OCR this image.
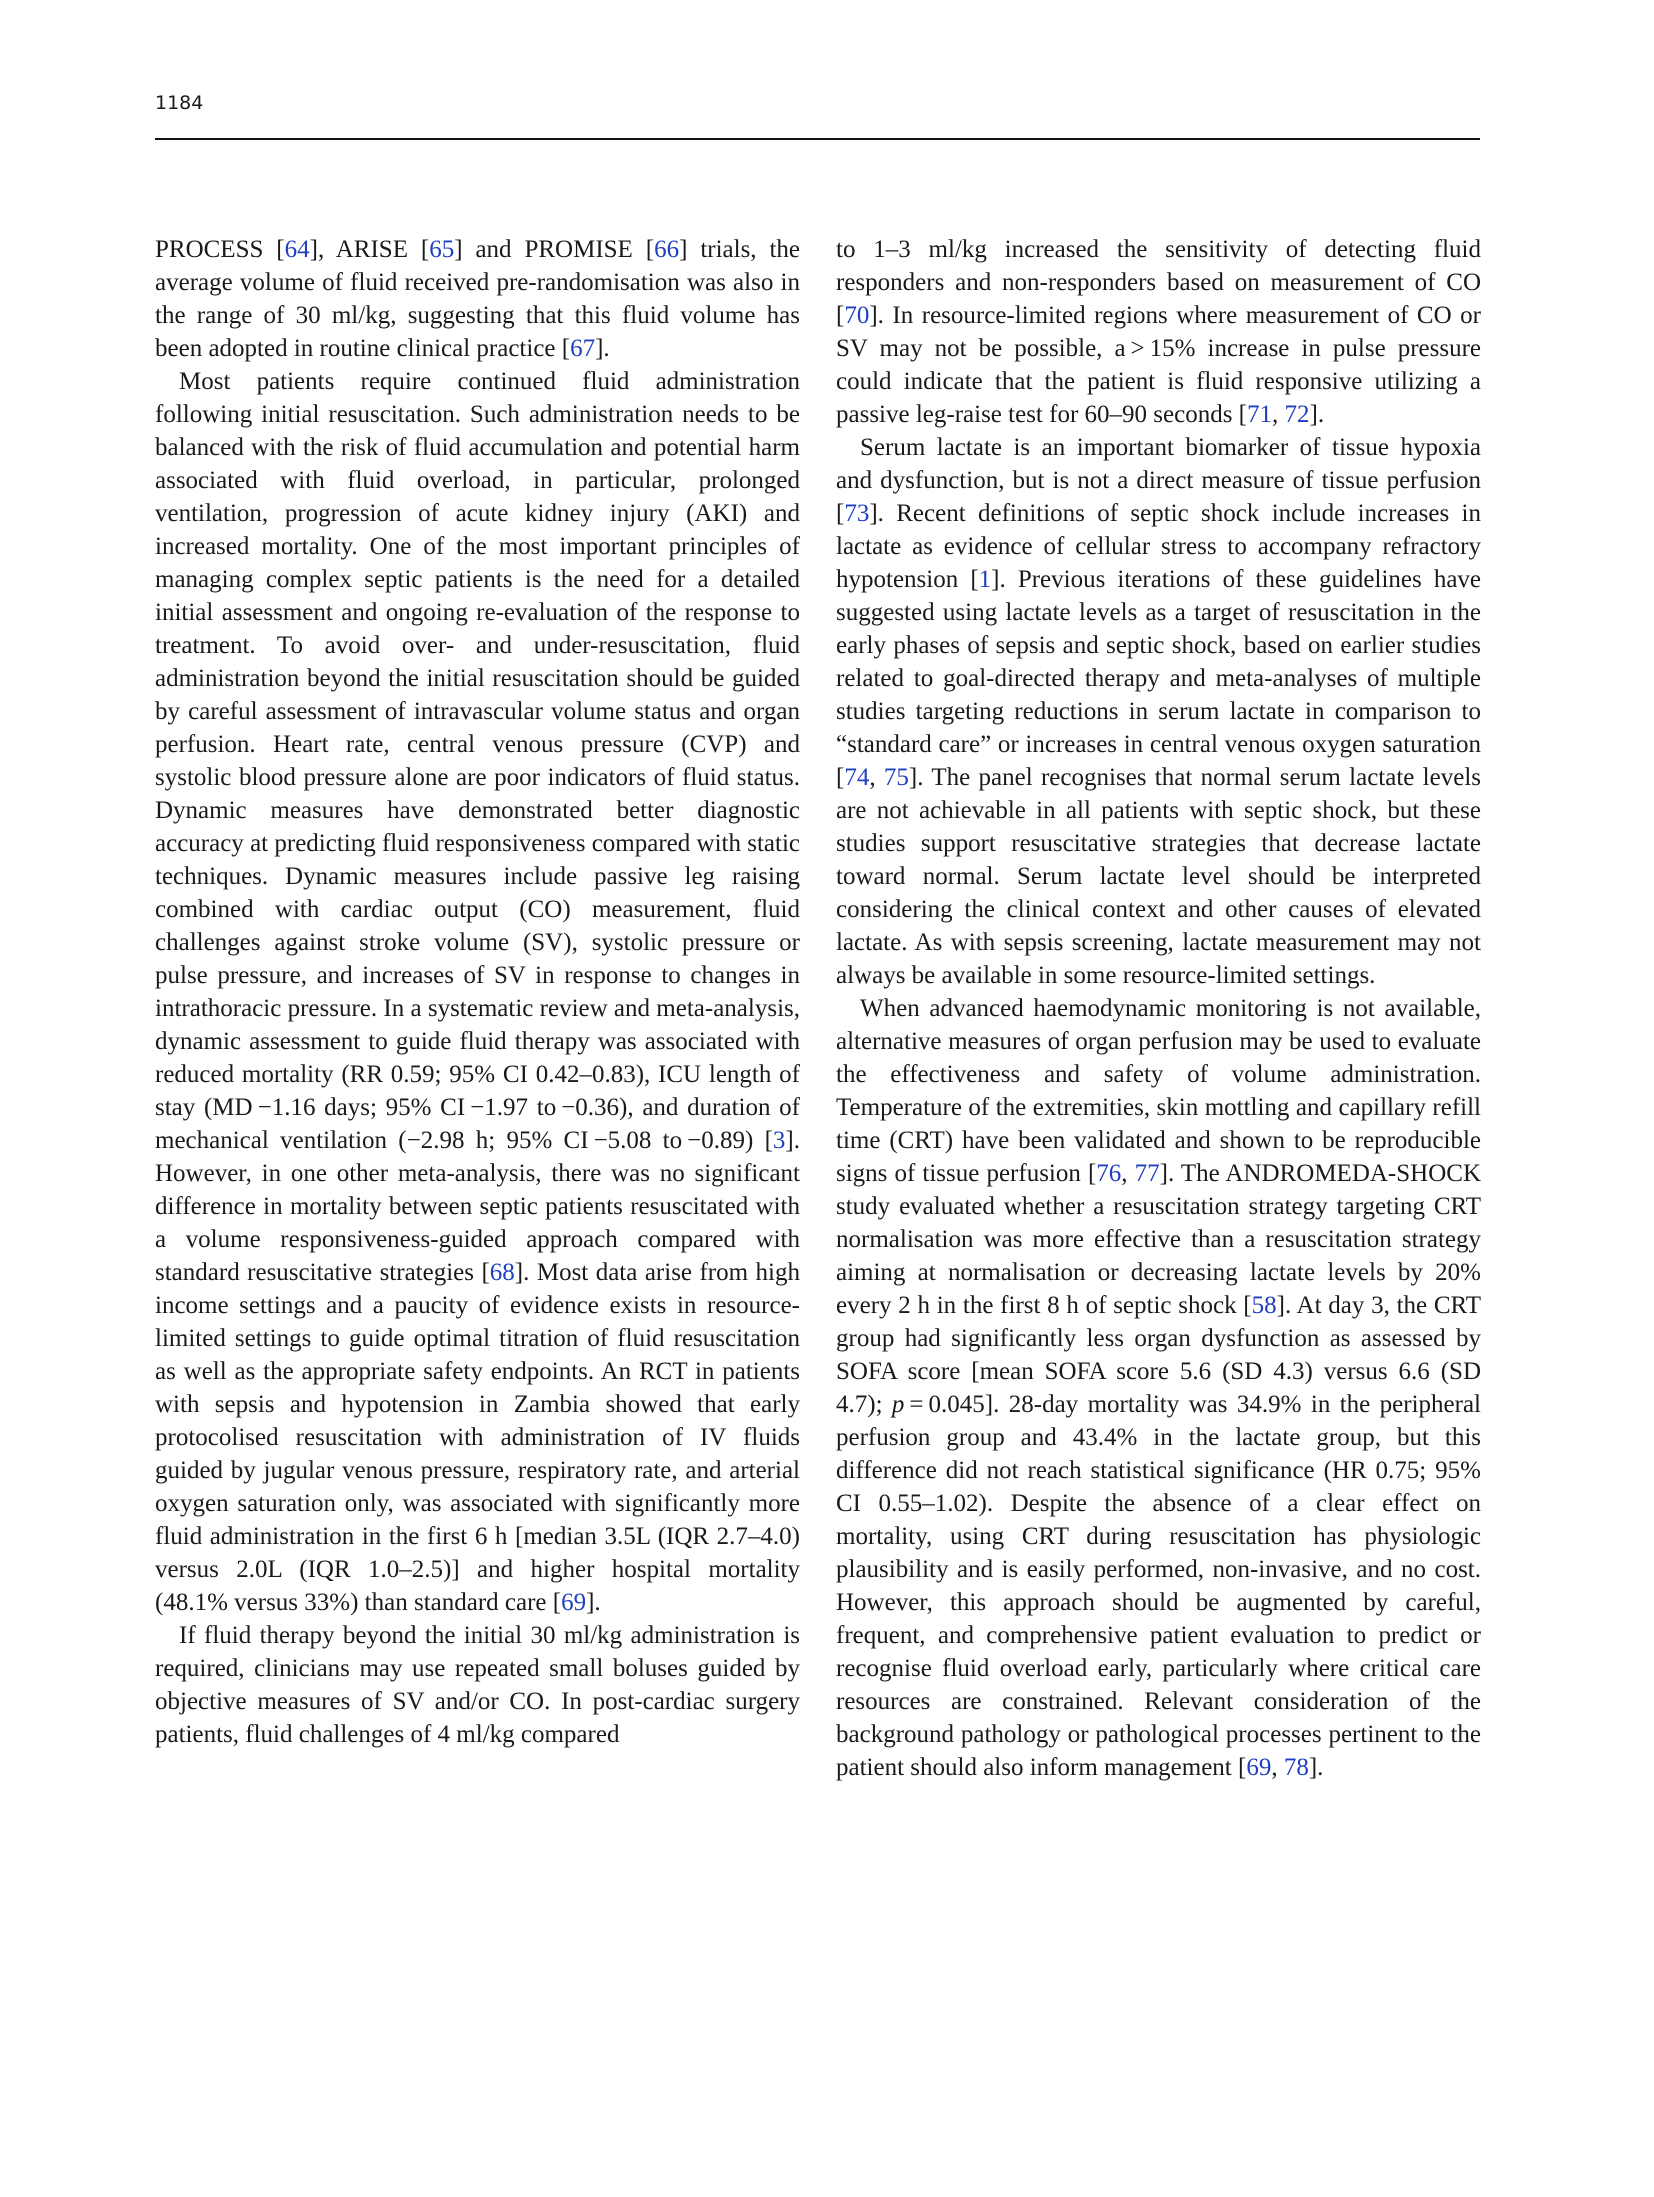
1184

PROCESS [64], ARISE [65] and PROMISE [66] trials, the average volume of fluid received pre-randomisation was also in the range of 30 ml/kg, suggesting that this fluid volume has been adopted in routine clinical practice [67].

Most patients require continued fluid administration following initial resuscitation. Such administration needs to be balanced with the risk of fluid accumulation and potential harm associated with fluid overload, in particular, prolonged ventilation, progression of acute kidney injury (AKI) and increased mortality. One of the most important principles of managing complex septic patients is the need for a detailed initial assessment and ongoing re-evaluation of the response to treatment. To avoid over- and under-resuscitation, fluid administration beyond the initial resuscitation should be guided by careful assessment of intravascular volume status and organ perfusion. Heart rate, central venous pressure (CVP) and systolic blood pressure alone are poor indicators of fluid status. Dynamic measures have demonstrated better diagnostic accuracy at predicting fluid responsiveness compared with static techniques. Dynamic measures include passive leg raising combined with cardiac output (CO) measurement, fluid challenges against stroke volume (SV), systolic pressure or pulse pressure, and increases of SV in response to changes in intrathoracic pressure. In a systematic review and meta-analysis, dynamic assessment to guide fluid therapy was associated with reduced mortality (RR 0.59; 95% CI 0.42–0.83), ICU length of stay (MD −1.16 days; 95% CI −1.97 to −0.36), and duration of mechanical ventilation (−2.98 h; 95% CI −5.08 to −0.89) [3]. However, in one other meta-analysis, there was no significant difference in mortality between septic patients resuscitated with a volume responsiveness-guided approach compared with standard resuscitative strategies [68]. Most data arise from high income settings and a paucity of evidence exists in resource-limited settings to guide optimal titration of fluid resuscitation as well as the appropriate safety endpoints. An RCT in patients with sepsis and hypotension in Zambia showed that early protocolised resuscitation with administration of IV fluids guided by jugular venous pressure, respiratory rate, and arterial oxygen saturation only, was associated with significantly more fluid administration in the first 6 h [median 3.5L (IQR 2.7–4.0) versus 2.0L (IQR 1.0–2.5)] and higher hospital mortality (48.1% versus 33%) than standard care [69].

If fluid therapy beyond the initial 30 ml/kg administration is required, clinicians may use repeated small boluses guided by objective measures of SV and/or CO. In post-cardiac surgery patients, fluid challenges of 4 ml/kg compared

to 1–3 ml/kg increased the sensitivity of detecting fluid responders and non-responders based on measurement of CO [70]. In resource-limited regions where measurement of CO or SV may not be possible, a > 15% increase in pulse pressure could indicate that the patient is fluid responsive utilizing a passive leg-raise test for 60–90 seconds [71, 72].

Serum lactate is an important biomarker of tissue hypoxia and dysfunction, but is not a direct measure of tissue perfusion [73]. Recent definitions of septic shock include increases in lactate as evidence of cellular stress to accompany refractory hypotension [1]. Previous iterations of these guidelines have suggested using lactate levels as a target of resuscitation in the early phases of sepsis and septic shock, based on earlier studies related to goal-directed therapy and meta-analyses of multiple studies targeting reductions in serum lactate in comparison to “standard care” or increases in central venous oxygen saturation [74, 75]. The panel recognises that normal serum lactate levels are not achievable in all patients with septic shock, but these studies support resuscitative strategies that decrease lactate toward normal. Serum lactate level should be interpreted considering the clinical context and other causes of elevated lactate. As with sepsis screening, lactate measurement may not always be available in some resource-limited settings.

When advanced haemodynamic monitoring is not available, alternative measures of organ perfusion may be used to evaluate the effectiveness and safety of volume administration. Temperature of the extremities, skin mottling and capillary refill time (CRT) have been validated and shown to be reproducible signs of tissue perfusion [76, 77]. The ANDROMEDA-SHOCK study evaluated whether a resuscitation strategy targeting CRT normalisation was more effective than a resuscitation strategy aiming at normalisation or decreasing lactate levels by 20% every 2 h in the first 8 h of septic shock [58]. At day 3, the CRT group had significantly less organ dysfunction as assessed by SOFA score [mean SOFA score 5.6 (SD 4.3) versus 6.6 (SD 4.7); p = 0.045]. 28-day mortality was 34.9% in the peripheral perfusion group and 43.4% in the lactate group, but this difference did not reach statistical significance (HR 0.75; 95% CI 0.55–1.02). Despite the absence of a clear effect on mortality, using CRT during resuscitation has physiologic plausibility and is easily performed, non-invasive, and no cost. However, this approach should be augmented by careful, frequent, and comprehensive patient evaluation to predict or recognise fluid overload early, particularly where critical care resources are constrained. Relevant consideration of the background pathology or pathological processes pertinent to the patient should also inform management [69, 78].
